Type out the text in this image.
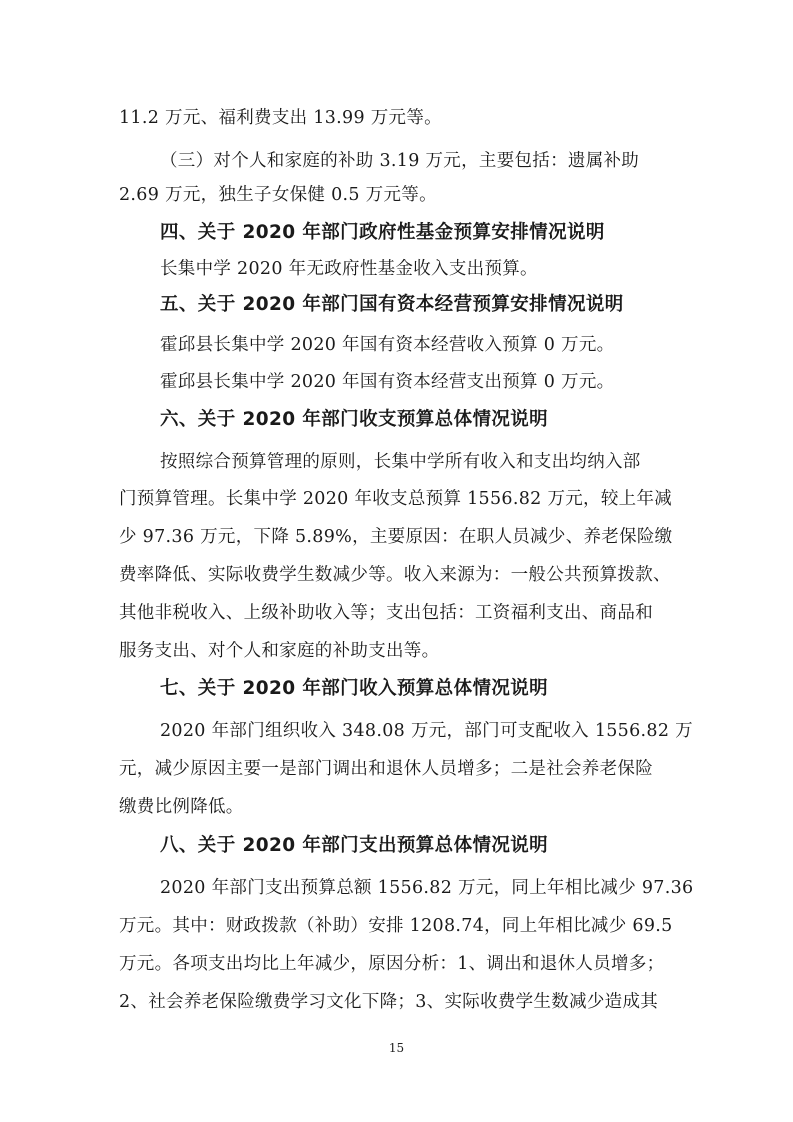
11.2 万元、福利费支出 13.99 万元等。
（三）对个人和家庭的补助 3.19 万元，主要包括：遗属补助
2.69 万元，独生子女保健 0.5 万元等。
四、关于 2020 年部门政府性基金预算安排情况说明
长集中学 2020 年无政府性基金收入支出预算。
五、关于 2020 年部门国有资本经营预算安排情况说明
霍邱县长集中学 2020 年国有资本经营收入预算 0 万元。
霍邱县长集中学 2020 年国有资本经营支出预算 0 万元。
六、关于 2020 年部门收支预算总体情况说明
按照综合预算管理的原则，长集中学所有收入和支出均纳入部
门预算管理。长集中学 2020 年收支总预算 1556.82 万元，较上年减
少 97.36 万元，下降 5.89%，主要原因：在职人员减少、养老保险缴
费率降低、实际收费学生数减少等。收入来源为：一般公共预算拨款、
其他非税收入、上级补助收入等；支出包括：工资福利支出、商品和
服务支出、对个人和家庭的补助支出等。
七、关于 2020 年部门收入预算总体情况说明
2020 年部门组织收入 348.08 万元，部门可支配收入 1556.82 万
元，减少原因主要一是部门调出和退休人员增多；二是社会养老保险
缴费比例降低。
八、关于 2020 年部门支出预算总体情况说明
2020 年部门支出预算总额 1556.82 万元，同上年相比减少 97.36
万元。其中：财政拨款（补助）安排 1208.74，同上年相比减少 69.5
万元。各项支出均比上年减少，原因分析：1、调出和退休人员增多；
2、社会养老保险缴费学习文化下降；3、实际收费学生数减少造成其
15
